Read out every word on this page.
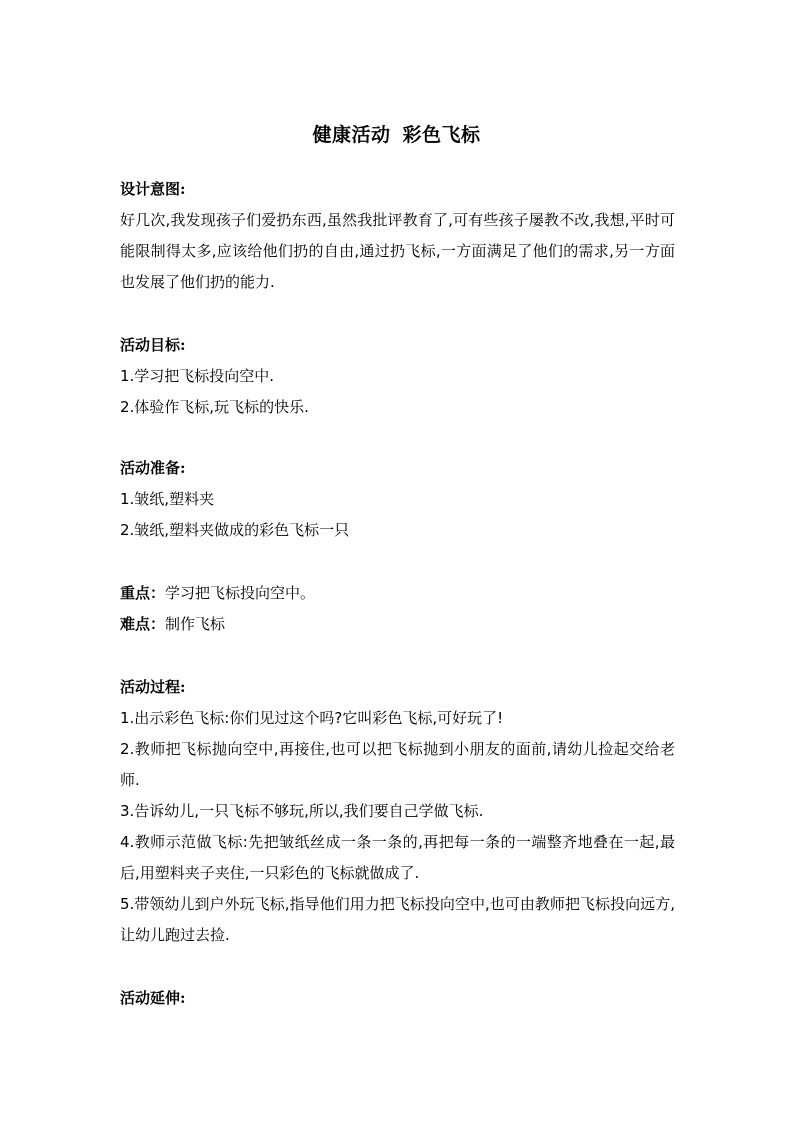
健康活动 彩色飞标
设计意图:
好几次,我发现孩子们爱扔东西,虽然我批评教育了,可有些孩子屡教不改,我想,平时可能限制得太多,应该给他们扔的自由,通过扔飞标,一方面满足了他们的需求,另一方面也发展了他们扔的能力.
活动目标:
1.学习把飞标投向空中.
2.体验作飞标,玩飞标的快乐.
活动准备:
1.皱纸,塑料夹
2.皱纸,塑料夹做成的彩色飞标一只
重点：学习把飞标投向空中。
难点：制作飞标
活动过程:
1.出示彩色飞标:你们见过这个吗?它叫彩色飞标,可好玩了!
2.教师把飞标抛向空中,再接住,也可以把飞标抛到小朋友的面前,请幼儿捡起交给老师.
3.告诉幼儿,一只飞标不够玩,所以,我们要自己学做飞标.
4.教师示范做飞标:先把皱纸丝成一条一条的,再把每一条的一端整齐地叠在一起,最后,用塑料夹子夹住,一只彩色的飞标就做成了.
5.带领幼儿到户外玩飞标,指导他们用力把飞标投向空中,也可由教师把飞标投向远方,让幼儿跑过去捡.
活动延伸:
